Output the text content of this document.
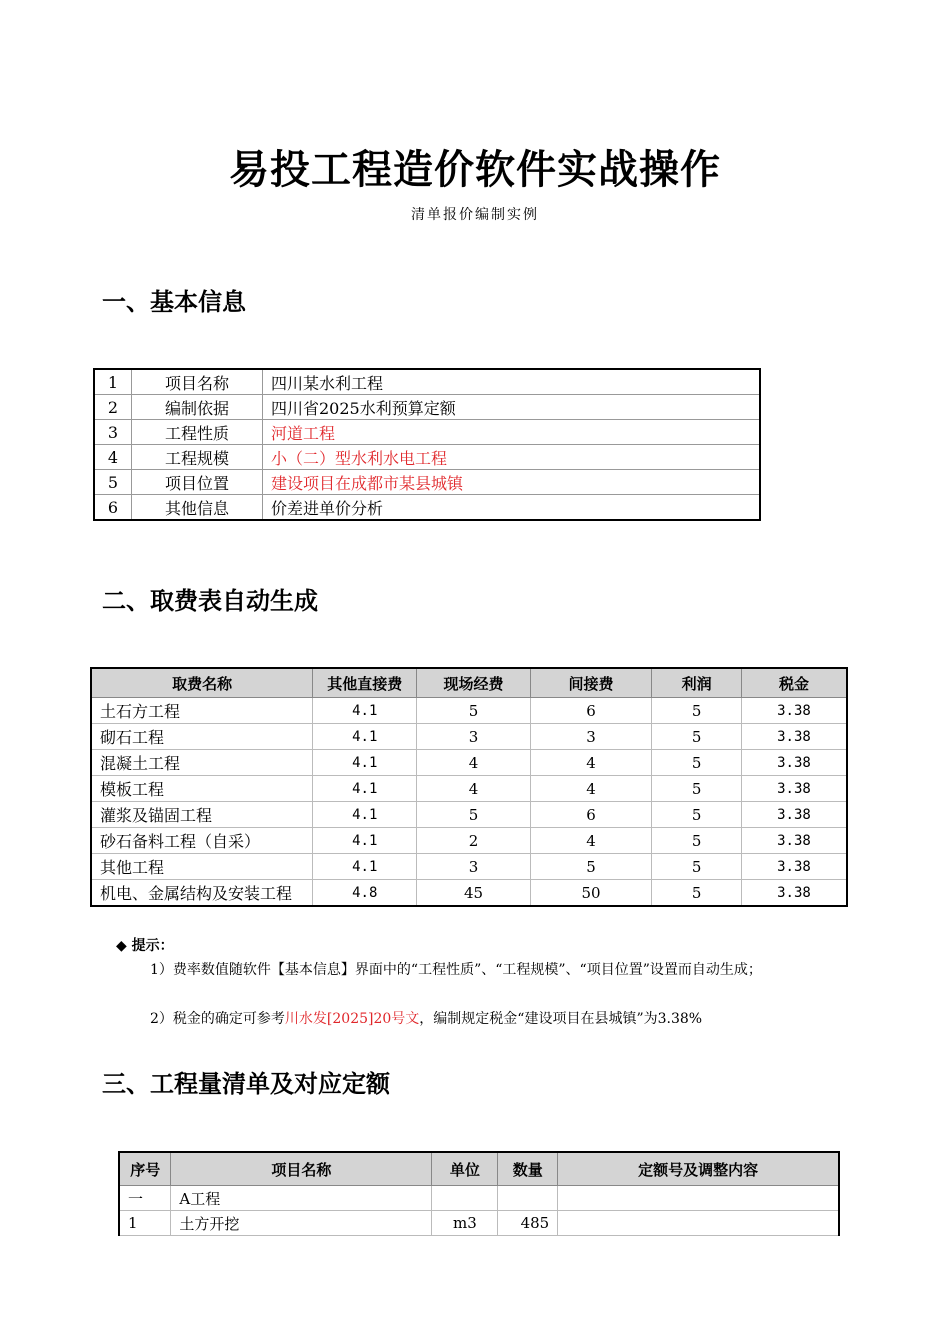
易投工程造价软件实战操作
清单报价编制实例
一、基本信息
1	项目名称	四川某水利工程
2	编制依据	四川省2025水利预算定额
3	工程性质	河道工程
4	工程规模	小（二）型水利水电工程
5	项目位置	建设项目在成都市某县城镇
6	其他信息	价差进单价分析
二、取费表自动生成
取费名称	其他直接费	现场经费	间接费	利润	税金
土石方工程	4.1	5	6	5	3.38
砌石工程	4.1	3	3	5	3.38
混凝土工程	4.1	4	4	5	3.38
模板工程	4.1	4	4	5	3.38
灌浆及锚固工程	4.1	5	6	5	3.38
砂石备料工程（自采）	4.1	2	4	5	3.38
其他工程	4.1	3	5	5	3.38
机电、金属结构及安装工程	4.8	45	50	5	3.38
◆ 提示：
1）费率数值随软件【基本信息】界面中的“工程性质”、“工程规模”、“项目位置”设置而自动生成；
2）税金的确定可参考川水发[2025]20号文，编制规定税金“建设项目在县城镇”为3.38%
三、工程量清单及对应定额
序号	项目名称	单位	数量	定额号及调整内容
一	A工程			
1	土方开挖	m3	485	
